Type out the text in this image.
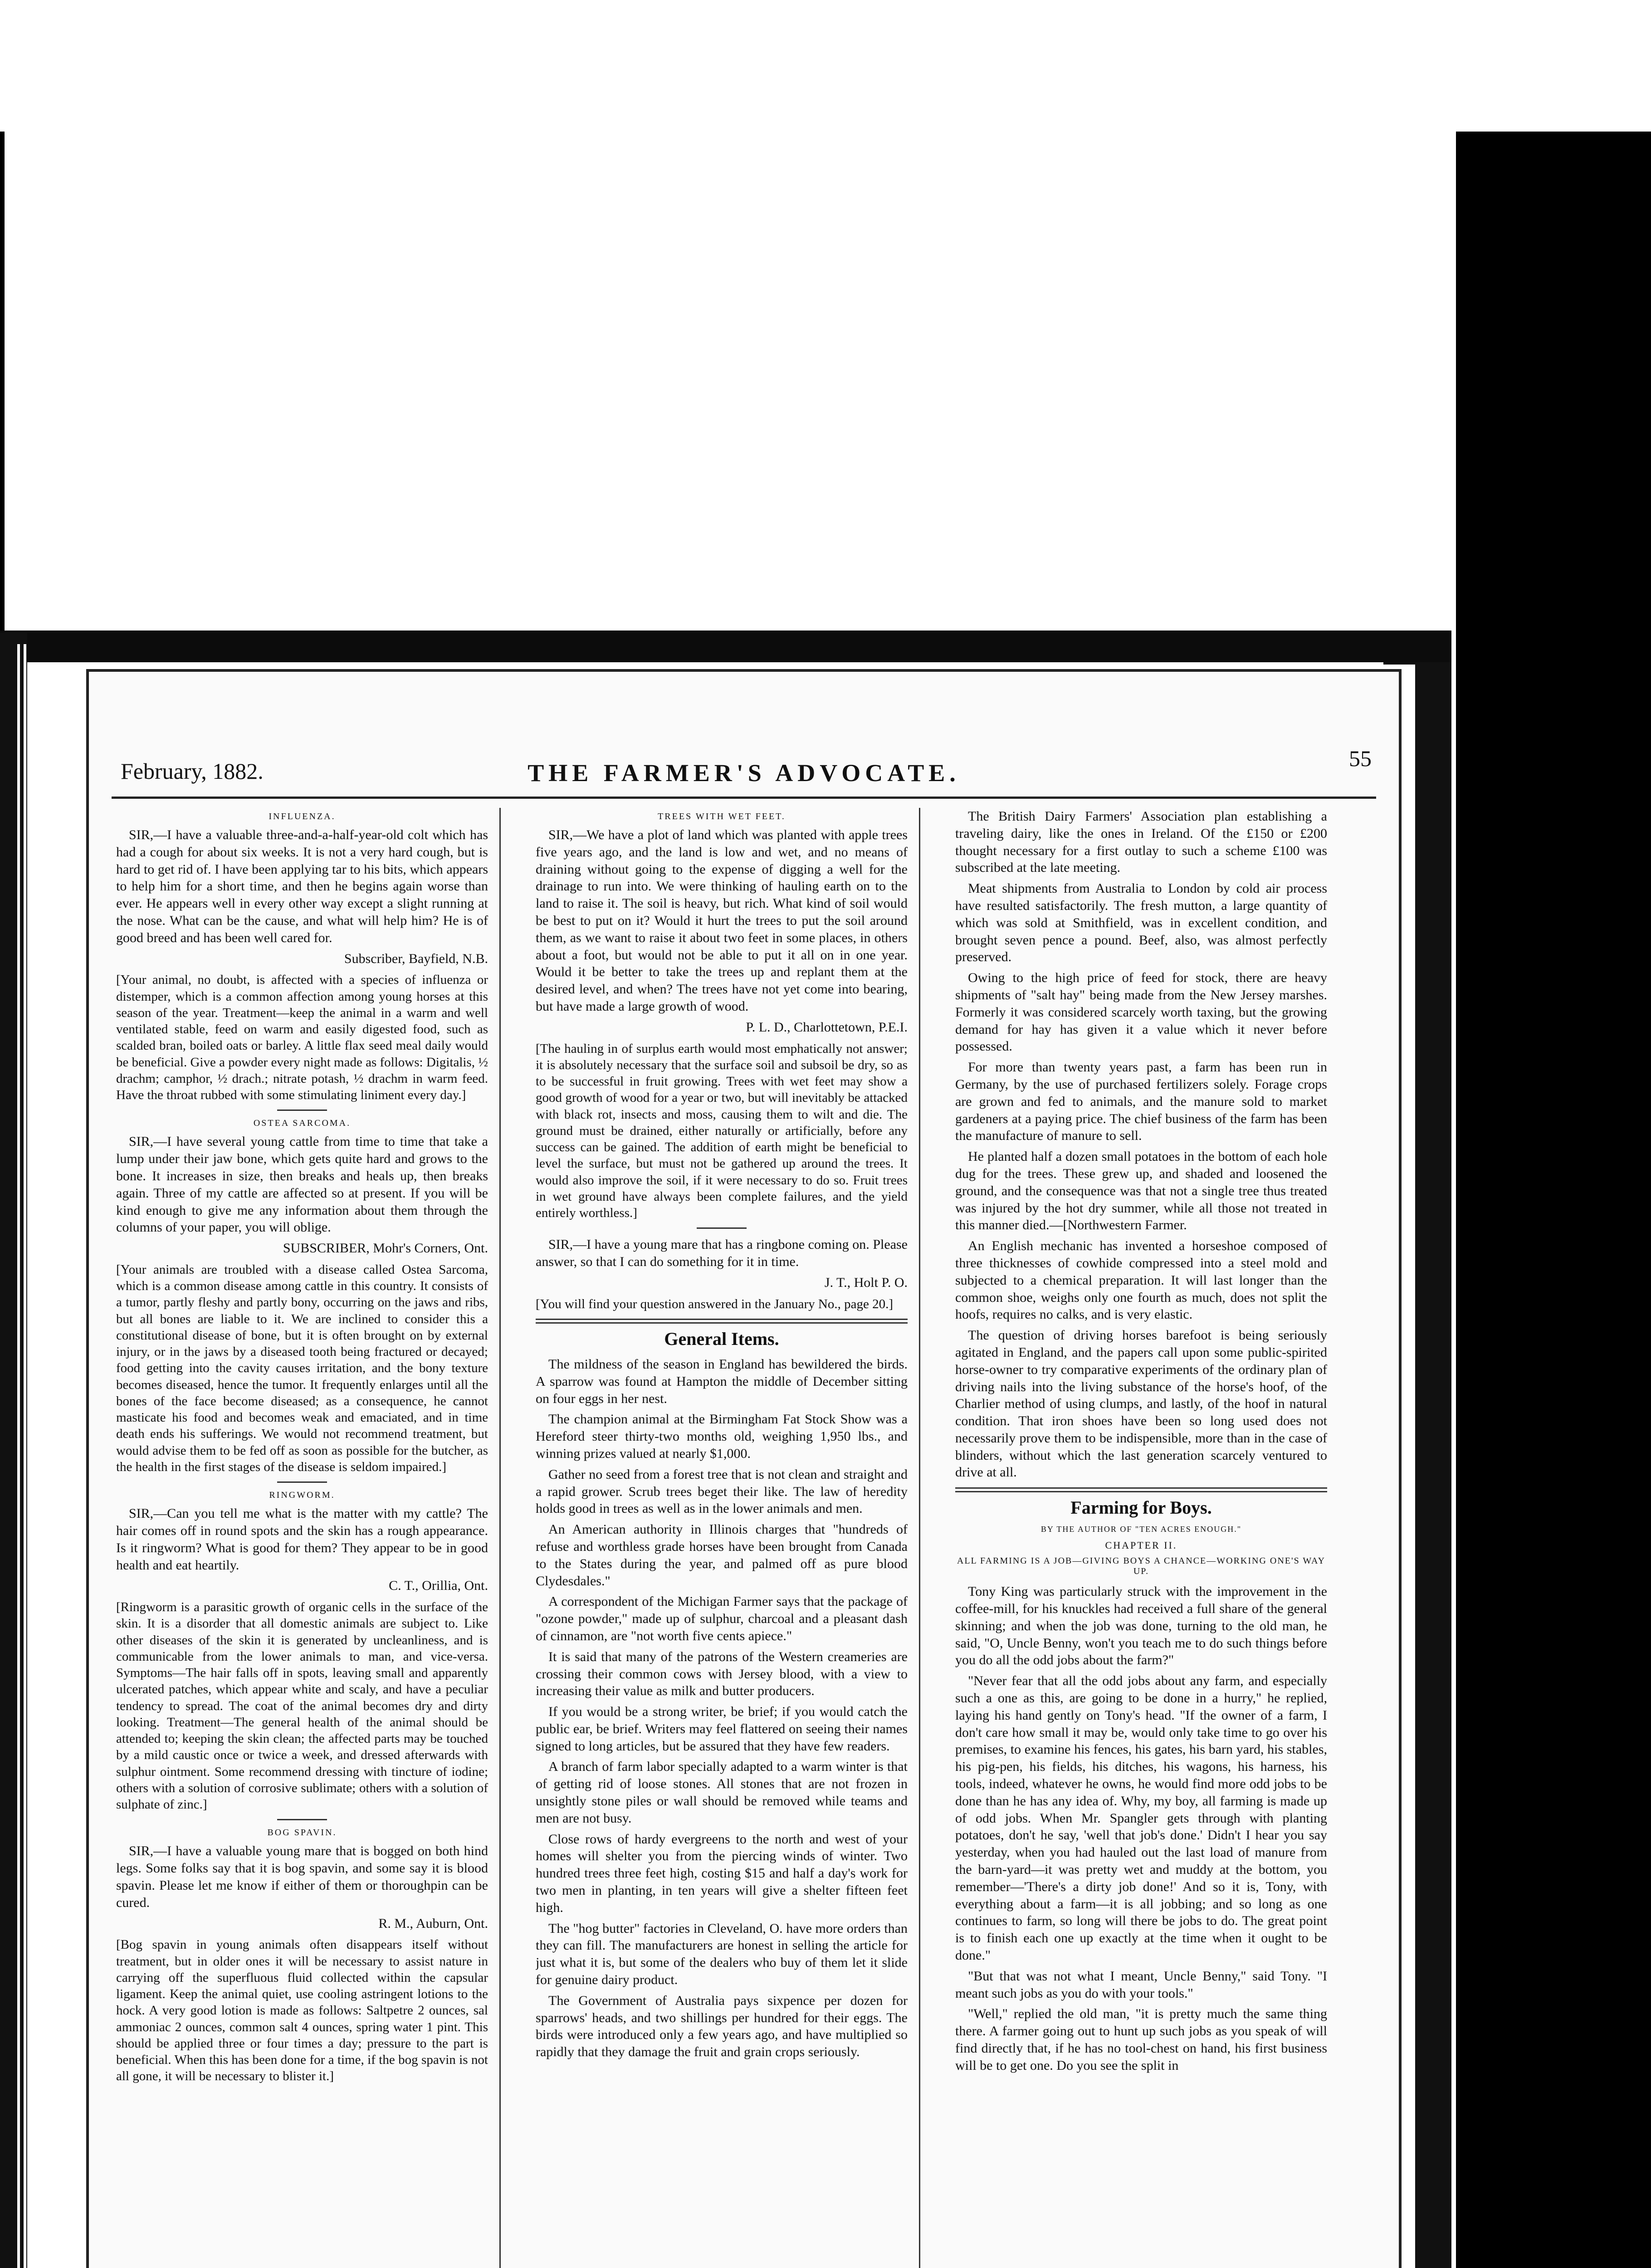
February, 1882.	THE FARMER'S ADVOCATE.
55
INFLUENZA.

SIR,—I have a valuable three-and-a-half-year-old colt which has had a cough for about six weeks. It is not a very hard cough, but is hard to get rid of. I have been applying tar to his bits, which appears to help him for a short time, and then he begins again worse than ever. He appears well in every other way except a slight running at the nose. What can be the cause, and what will help him? He is of good breed and has been well cared for.

Subscriber, Bayfield, N.B.

[Your animal, no doubt, is affected with a species of influenza or distemper, which is a common affection among young horses at this season of the year. Treatment—keep the animal in a warm and well ventilated stable, feed on warm and easily digested food, such as scalded bran, boiled oats or barley. A little flax seed meal daily would be beneficial. Give a powder every night made as follows: Digitalis, ½ drachm; camphor, ½ drach.; nitrate potash, ½ drachm in warm feed. Have the throat rubbed with some stimulating liniment every day.]

OSTEA SARCOMA.

SIR,—I have several young cattle from time to time that take a lump under their jaw bone, which gets quite hard and grows to the bone. It increases in size, then breaks and heals up, then breaks again. Three of my cattle are affected so at present. If you will be kind enough to give me any information about them through the columns of your paper, you will oblige.

SUBSCRIBER, Mohr's Corners, Ont.

[Your animals are troubled with a disease called Ostea Sarcoma, which is a common disease among cattle in this country. It consists of a tumor, partly fleshy and partly bony, occurring on the jaws and ribs, but all bones are liable to it. We are inclined to consider this a constitutional disease of bone, but it is often brought on by external injury, or in the jaws by a diseased tooth being fractured or decayed; food getting into the cavity causes irritation, and the bony texture becomes diseased, hence the tumor. It frequently enlarges until all the bones of the face become diseased; as a consequence, he cannot masticate his food and becomes weak and emaciated, and in time death ends his sufferings. We would not recommend treatment, but would advise them to be fed off as soon as possible for the butcher, as the health in the first stages of the disease is seldom impaired.]

RINGWORM.

SIR,—Can you tell me what is the matter with my cattle? The hair comes off in round spots and the skin has a rough appearance. Is it ringworm? What is good for them? They appear to be in good health and eat heartily.

C. T., Orillia, Ont.

[Ringworm is a parasitic growth of organic cells in the surface of the skin. It is a disorder that all domestic animals are subject to. Like other diseases of the skin it is generated by uncleanliness, and is communicable from the lower animals to man, and vice-versa. Symptoms—The hair falls off in spots, leaving small and apparently ulcerated patches, which appear white and scaly, and have a peculiar tendency to spread. The coat of the animal becomes dry and dirty looking. Treatment—The general health of the animal should be attended to; keeping the skin clean; the affected parts may be touched by a mild caustic once or twice a week, and dressed afterwards with sulphur ointment. Some recommend dressing with tincture of iodine; others with a solution of corrosive sublimate; others with a solution of sulphate of zinc.]

BOG SPAVIN.

SIR,—I have a valuable young mare that is bogged on both hind legs. Some folks say that it is bog spavin, and some say it is blood spavin. Please let me know if either of them or thoroughpin can be cured.

R. M., Auburn, Ont.

[Bog spavin in young animals often disappears itself without treatment, but in older ones it will be necessary to assist nature in carrying off the superfluous fluid collected within the capsular ligament. Keep the animal quiet, use cooling astringent lotions to the hock. A very good lotion is made as follows: Saltpetre 2 ounces, sal ammoniac 2 ounces, common salt 4 ounces, spring water 1 pint. This should be applied three or four times a day; pressure to the part is beneficial. When this has been done for a time, if the bog spavin is not all gone, it will be necessary to blister it.]

TREES WITH WET FEET.

SIR,—We have a plot of land which was planted with apple trees five years ago, and the land is low and wet, and no means of draining without going to the expense of digging a well for the drainage to run into. We were thinking of hauling earth on to the land to raise it. The soil is heavy, but rich. What kind of soil would be best to put on it? Would it hurt the trees to put the soil around them, as we want to raise it about two feet in some places, in others about a foot, but would not be able to put it all on in one year. Would it be better to take the trees up and replant them at the desired level, and when? The trees have not yet come into bearing, but have made a large growth of wood.

P. L. D., Charlottetown, P.E.I.

[The hauling in of surplus earth would most emphatically not answer; it is absolutely necessary that the surface soil and subsoil be dry, so as to be successful in fruit growing. Trees with wet feet may show a good growth of wood for a year or two, but will inevitably be attacked with black rot, insects and moss, causing them to wilt and die. The ground must be drained, either naturally or artificially, before any success can be gained. The addition of earth might be beneficial to level the surface, but must not be gathered up around the trees. It would also improve the soil, if it were necessary to do so. Fruit trees in wet ground have always been complete failures, and the yield entirely worthless.]

SIR,—I have a young mare that has a ringbone coming on. Please answer, so that I can do something for it in time.

J. T., Holt P. O.

[You will find your question answered in the January No., page 20.]

General Items.

The mildness of the season in England has bewildered the birds. A sparrow was found at Hampton the middle of December sitting on four eggs in her nest.

The champion animal at the Birmingham Fat Stock Show was a Hereford steer thirty-two months old, weighing 1,950 lbs., and winning prizes valued at nearly $1,000.

Gather no seed from a forest tree that is not clean and straight and a rapid grower. Scrub trees beget their like. The law of heredity holds good in trees as well as in the lower animals and men.

An American authority in Illinois charges that "hundreds of refuse and worthless grade horses have been brought from Canada to the States during the year, and palmed off as pure blood Clydesdales."

A correspondent of the Michigan Farmer says that the package of "ozone powder," made up of sulphur, charcoal and a pleasant dash of cinnamon, are "not worth five cents apiece."

It is said that many of the patrons of the Western creameries are crossing their common cows with Jersey blood, with a view to increasing their value as milk and butter producers.

If you would be a strong writer, be brief; if you would catch the public ear, be brief. Writers may feel flattered on seeing their names signed to long articles, but be assured that they have few readers.

A branch of farm labor specially adapted to a warm winter is that of getting rid of loose stones. All stones that are not frozen in unsightly stone piles or wall should be removed while teams and men are not busy.

Close rows of hardy evergreens to the north and west of your homes will shelter you from the piercing winds of winter. Two hundred trees three feet high, costing $15 and half a day's work for two men in planting, in ten years will give a shelter fifteen feet high.

The "hog butter" factories in Cleveland, O. have more orders than they can fill. The manufacturers are honest in selling the article for just what it is, but some of the dealers who buy of them let it slide for genuine dairy product.

The Government of Australia pays sixpence per dozen for sparrows' heads, and two shillings per hundred for their eggs. The birds were introduced only a few years ago, and have multiplied so rapidly that they damage the fruit and grain crops seriously.

The British Dairy Farmers' Association plan establishing a traveling dairy, like the ones in Ireland. Of the £150 or £200 thought necessary for a first outlay to such a scheme £100 was subscribed at the late meeting.

Meat shipments from Australia to London by cold air process have resulted satisfactorily. The fresh mutton, a large quantity of which was sold at Smithfield, was in excellent condition, and brought seven pence a pound. Beef, also, was almost perfectly preserved.

Owing to the high price of feed for stock, there are heavy shipments of "salt hay" being made from the New Jersey marshes. Formerly it was considered scarcely worth taxing, but the growing demand for hay has given it a value which it never before possessed.

For more than twenty years past, a farm has been run in Germany, by the use of purchased fertilizers solely. Forage crops are grown and fed to animals, and the manure sold to market gardeners at a paying price. The chief business of the farm has been the manufacture of manure to sell.

He planted half a dozen small potatoes in the bottom of each hole dug for the trees. These grew up, and shaded and loosened the ground, and the consequence was that not a single tree thus treated was injured by the hot dry summer, while all those not treated in this manner died.—[Northwestern Farmer.

An English mechanic has invented a horseshoe composed of three thicknesses of cowhide compressed into a steel mold and subjected to a chemical preparation. It will last longer than the common shoe, weighs only one fourth as much, does not split the hoofs, requires no calks, and is very elastic.

The question of driving horses barefoot is being seriously agitated in England, and the papers call upon some public-spirited horse-owner to try comparative experiments of the ordinary plan of driving nails into the living substance of the horse's hoof, of the Charlier method of using clumps, and lastly, of the hoof in natural condition. That iron shoes have been so long used does not necessarily prove them to be indispensible, more than in the case of blinders, without which the last generation scarcely ventured to drive at all.

Farming for Boys.
BY THE AUTHOR OF "TEN ACRES ENOUGH."
CHAPTER II.
ALL FARMING IS A JOB—GIVING BOYS A CHANCE—WORKING ONE'S WAY UP.

Tony King was particularly struck with the improvement in the coffee-mill, for his knuckles had received a full share of the general skinning; and when the job was done, turning to the old man, he said, "O, Uncle Benny, won't you teach me to do such things before you do all the odd jobs about the farm?"

"Never fear that all the odd jobs about any farm, and especially such a one as this, are going to be done in a hurry," he replied, laying his hand gently on Tony's head. "If the owner of a farm, I don't care how small it may be, would only take time to go over his premises, to examine his fences, his gates, his barn yard, his stables, his pig-pen, his fields, his ditches, his wagons, his harness, his tools, indeed, whatever he owns, he would find more odd jobs to be done than he has any idea of. Why, my boy, all farming is made up of odd jobs. When Mr. Spangler gets through with planting potatoes, don't he say, 'well that job's done.' Didn't I hear you say yesterday, when you had hauled out the last load of manure from the barn-yard—it was pretty wet and muddy at the bottom, you remember—'There's a dirty job done!' And so it is, Tony, with everything about a farm—it is all jobbing; and so long as one continues to farm, so long will there be jobs to do. The great point is to finish each one up exactly at the time when it ought to be done."

"But that was not what I meant, Uncle Benny," said Tony. "I meant such jobs as you do with your tools."

"Well," replied the old man, "it is pretty much the same thing there. A farmer going out to hunt up such jobs as you speak of will find directly that, if he has no tool-chest on hand, his first business will be to get one. Do you see the split in
